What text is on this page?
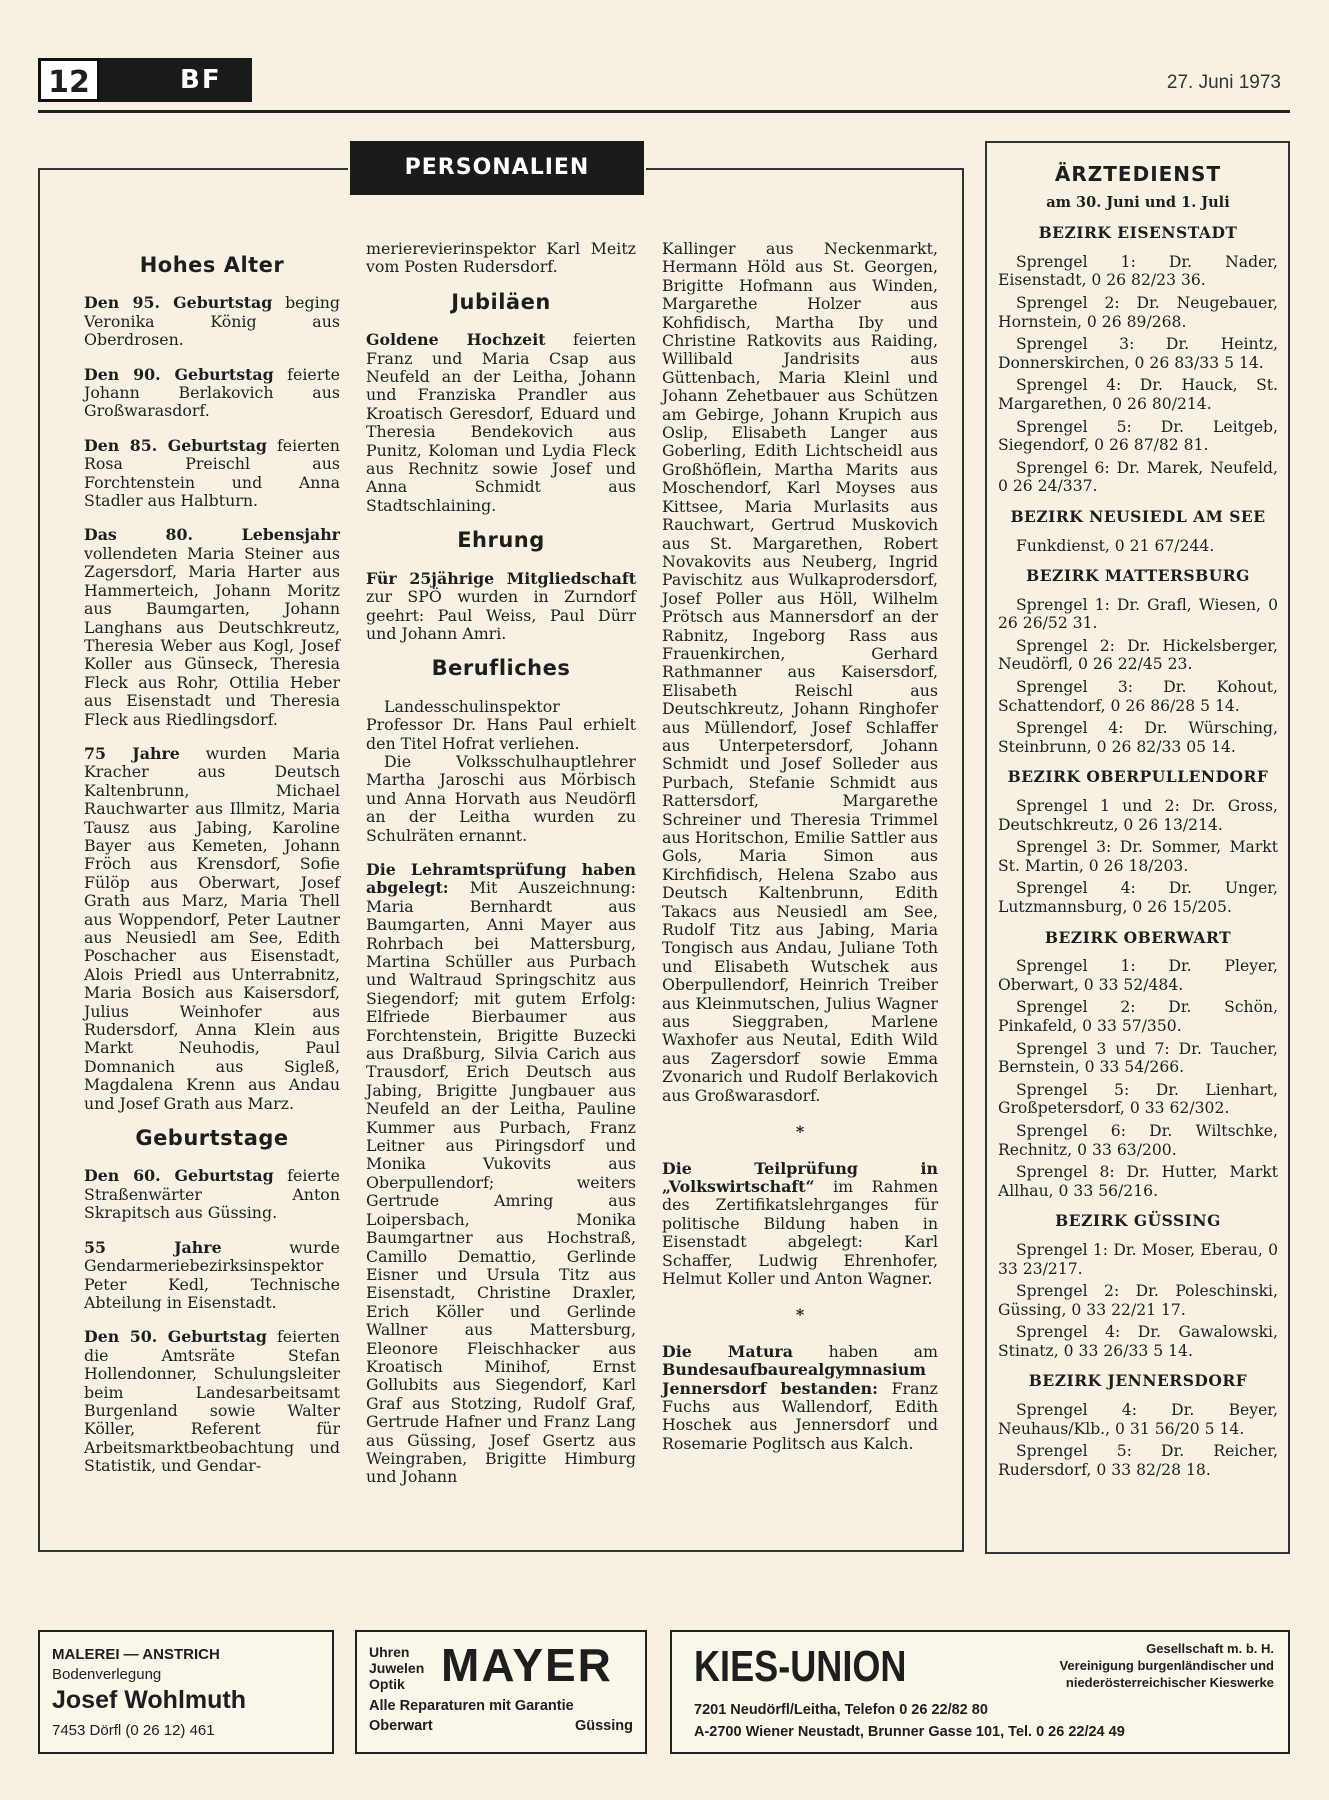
12	BF	27. Juni 1973
PERSONALIEN
Hohes Alter

Den 95. Geburtstag beging Veronika König aus Oberdrosen.

Den 90. Geburtstag feierte Johann Berlakovich aus Großwarasdorf.

Den 85. Geburtstag feierten Rosa Preischl aus Forchtenstein und Anna Stadler aus Halbturn.

Das 80. Lebensjahr vollendeten Maria Steiner aus Zagersdorf, Maria Harter aus Hammerteich, Johann Moritz aus Baumgarten, Johann Langhans aus Deutschkreutz, Theresia Weber aus Kogl, Josef Koller aus Günseck, Theresia Fleck aus Rohr, Ottilia Heber aus Eisenstadt und Theresia Fleck aus Riedlingsdorf.

75 Jahre wurden Maria Kracher aus Deutsch Kaltenbrunn, Michael Rauchwarter aus Illmitz, Maria Tausz aus Jabing, Karoline Bayer aus Kemeten, Johann Fröch aus Krensdorf, Sofie Fülöp aus Oberwart, Josef Grath aus Marz, Maria Thell aus Woppendorf, Peter Lautner aus Neusiedl am See, Edith Poschacher aus Eisenstadt, Alois Priedl aus Unterrabnitz, Maria Bosich aus Kaisersdorf, Julius Weinhofer aus Rudersdorf, Anna Klein aus Markt Neuhodis, Paul Domnanich aus Sigleß, Magdalena Krenn aus Andau und Josef Grath aus Marz.

Geburtstage

Den 60. Geburtstag feierte Straßenwärter Anton Skrapitsch aus Güssing.

55 Jahre wurde Gendarmeriebezirksinspektor Peter Kedl, Technische Abteilung in Eisenstadt.

Den 50. Geburtstag feierten die Amtsräte Stefan Hollendonner, Schulungsleiter beim Landesarbeitsamt Burgenland sowie Walter Köller, Referent für Arbeitsmarktbeobachtung und Statistik, und Gendar-

merierevierinspektor Karl Meitz vom Posten Rudersdorf.

Jubiläen

Goldene Hochzeit feierten Franz und Maria Csap aus Neufeld an der Leitha, Johann und Franziska Prandler aus Kroatisch Geresdorf, Eduard und Theresia Bendekovich aus Punitz, Koloman und Lydia Fleck aus Rechnitz sowie Josef und Anna Schmidt aus Stadtschlaining.

Ehrung

Für 25jährige Mitgliedschaft zur SPÖ wurden in Zurndorf geehrt: Paul Weiss, Paul Dürr und Johann Amri.

Berufliches

Landesschulinspektor Professor Dr. Hans Paul erhielt den Titel Hofrat verliehen.

Die Volksschulhauptlehrer Martha Jaroschi aus Mörbisch und Anna Horvath aus Neudörfl an der Leitha wurden zu Schulräten ernannt.

Die Lehramtsprüfung haben abgelegt: Mit Auszeichnung: Maria Bernhardt aus Baumgarten, Anni Mayer aus Rohrbach bei Mattersburg, Martina Schüller aus Purbach und Waltraud Springschitz aus Siegendorf; mit gutem Erfolg: Elfriede Bierbaumer aus Forchtenstein, Brigitte Buzecki aus Draßburg, Silvia Carich aus Trausdorf, Erich Deutsch aus Jabing, Brigitte Jungbauer aus Neufeld an der Leitha, Pauline Kummer aus Purbach, Franz Leitner aus Piringsdorf und Monika Vukovits aus Oberpullendorf; weiters Gertrude Amring aus Loipersbach, Monika Baumgartner aus Hochstraß, Camillo Demattio, Gerlinde Eisner und Ursula Titz aus Eisenstadt, Christine Draxler, Erich Köller und Gerlinde Wallner aus Mattersburg, Eleonore Fleischhacker aus Kroatisch Minihof, Ernst Gollubits aus Siegendorf, Karl Graf aus Stotzing, Rudolf Graf, Gertrude Hafner und Franz Lang aus Güssing, Josef Gsertz aus Weingraben, Brigitte Himburg und Johann

Kallinger aus Neckenmarkt, Hermann Höld aus St. Georgen, Brigitte Hofmann aus Winden, Margarethe Holzer aus Kohfidisch, Martha Iby und Christine Ratkovits aus Raiding, Willibald Jandrisits aus Güttenbach, Maria Kleinl und Johann Zehetbauer aus Schützen am Gebirge, Johann Krupich aus Oslip, Elisabeth Langer aus Goberling, Edith Lichtscheidl aus Großhöflein, Martha Marits aus Moschendorf, Karl Moyses aus Kittsee, Maria Murlasits aus Rauchwart, Gertrud Muskovich aus St. Margarethen, Robert Novakovits aus Neuberg, Ingrid Pavischitz aus Wulkaprodersdorf, Josef Poller aus Höll, Wilhelm Prötsch aus Mannersdorf an der Rabnitz, Ingeborg Rass aus Frauenkirchen, Gerhard Rathmanner aus Kaisersdorf, Elisabeth Reischl aus Deutschkreutz, Johann Ringhofer aus Müllendorf, Josef Schlaffer aus Unterpetersdorf, Johann Schmidt und Josef Solleder aus Purbach, Stefanie Schmidt aus Rattersdorf, Margarethe Schreiner und Theresia Trimmel aus Horitschon, Emilie Sattler aus Gols, Maria Simon aus Kirchfidisch, Helena Szabo aus Deutsch Kaltenbrunn, Edith Takacs aus Neusiedl am See, Rudolf Titz aus Jabing, Maria Tongisch aus Andau, Juliane Toth und Elisabeth Wutschek aus Oberpullendorf, Heinrich Treiber aus Kleinmutschen, Julius Wagner aus Sieggraben, Marlene Waxhofer aus Neutal, Edith Wild aus Zagersdorf sowie Emma Zvonarich und Rudolf Berlakovich aus Großwarasdorf.

*

Die Teilprüfung in „Volkswirtschaft“ im Rahmen des Zertifikatslehrganges für politische Bildung haben in Eisenstadt abgelegt: Karl Schaffer, Ludwig Ehrenhofer, Helmut Koller und Anton Wagner.

*

Die Matura haben am Bundesaufbaurealgymnasium Jennersdorf bestanden: Franz Fuchs aus Wallendorf, Edith Hoschek aus Jennersdorf und Rosemarie Poglitsch aus Kalch.

ÄRZTEDIENST
am 30. Juni und 1. Juli
BEZIRK EISENSTADT
Sprengel 1: Dr. Nader, Eisenstadt, 0 26 82/23 36.
Sprengel 2: Dr. Neugebauer, Hornstein, 0 26 89/268.
Sprengel 3: Dr. Heintz, Donnerskirchen, 0 26 83/33 5 14.
Sprengel 4: Dr. Hauck, St. Margarethen, 0 26 80/214.
Sprengel 5: Dr. Leitgeb, Siegendorf, 0 26 87/82 81.
Sprengel 6: Dr. Marek, Neufeld, 0 26 24/337.
BEZIRK NEUSIEDL AM SEE
Funkdienst, 0 21 67/244.
BEZIRK MATTERSBURG
Sprengel 1: Dr. Grafl, Wiesen, 0 26 26/52 31.
Sprengel 2: Dr. Hickelsberger, Neudörfl, 0 26 22/45 23.
Sprengel 3: Dr. Kohout, Schattendorf, 0 26 86/28 5 14.
Sprengel 4: Dr. Würsching, Steinbrunn, 0 26 82/33 05 14.
BEZIRK OBERPULLENDORF
Sprengel 1 und 2: Dr. Gross, Deutschkreutz, 0 26 13/214.
Sprengel 3: Dr. Sommer, Markt St. Martin, 0 26 18/203.
Sprengel 4: Dr. Unger, Lutzmannsburg, 0 26 15/205.
BEZIRK OBERWART
Sprengel 1: Dr. Pleyer, Oberwart, 0 33 52/484.
Sprengel 2: Dr. Schön, Pinkafeld, 0 33 57/350.
Sprengel 3 und 7: Dr. Taucher, Bernstein, 0 33 54/266.
Sprengel 5: Dr. Lienhart, Großpetersdorf, 0 33 62/302.
Sprengel 6: Dr. Wiltschke, Rechnitz, 0 33 63/200.
Sprengel 8: Dr. Hutter, Markt Allhau, 0 33 56/216.
BEZIRK GÜSSING
Sprengel 1: Dr. Moser, Eberau, 0 33 23/217.
Sprengel 2: Dr. Poleschinski, Güssing, 0 33 22/21 17.
Sprengel 4: Dr. Gawalowski, Stinatz, 0 33 26/33 5 14.
BEZIRK JENNERSDORF
Sprengel 4: Dr. Beyer, Neuhaus/Klb., 0 31 56/20 5 14.
Sprengel 5: Dr. Reicher, Rudersdorf, 0 33 82/28 18.
MALEREI — ANSTRICH
Bodenverlegung
Josef Wohlmuth
7453 Dörfl (0 26 12) 461
Uhren
Juwelen
Optik MAYER
Alle Reparaturen mit Garantie
Oberwart	Güssing
KIES-UNION	Gesellschaft m. b. H.
Vereinigung burgenländischer und
niederösterreichischer Kieswerke
7201 Neudörfl/Leitha, Telefon 0 26 22/82 80
A-2700 Wiener Neustadt, Brunner Gasse 101, Tel. 0 26 22/24 49
